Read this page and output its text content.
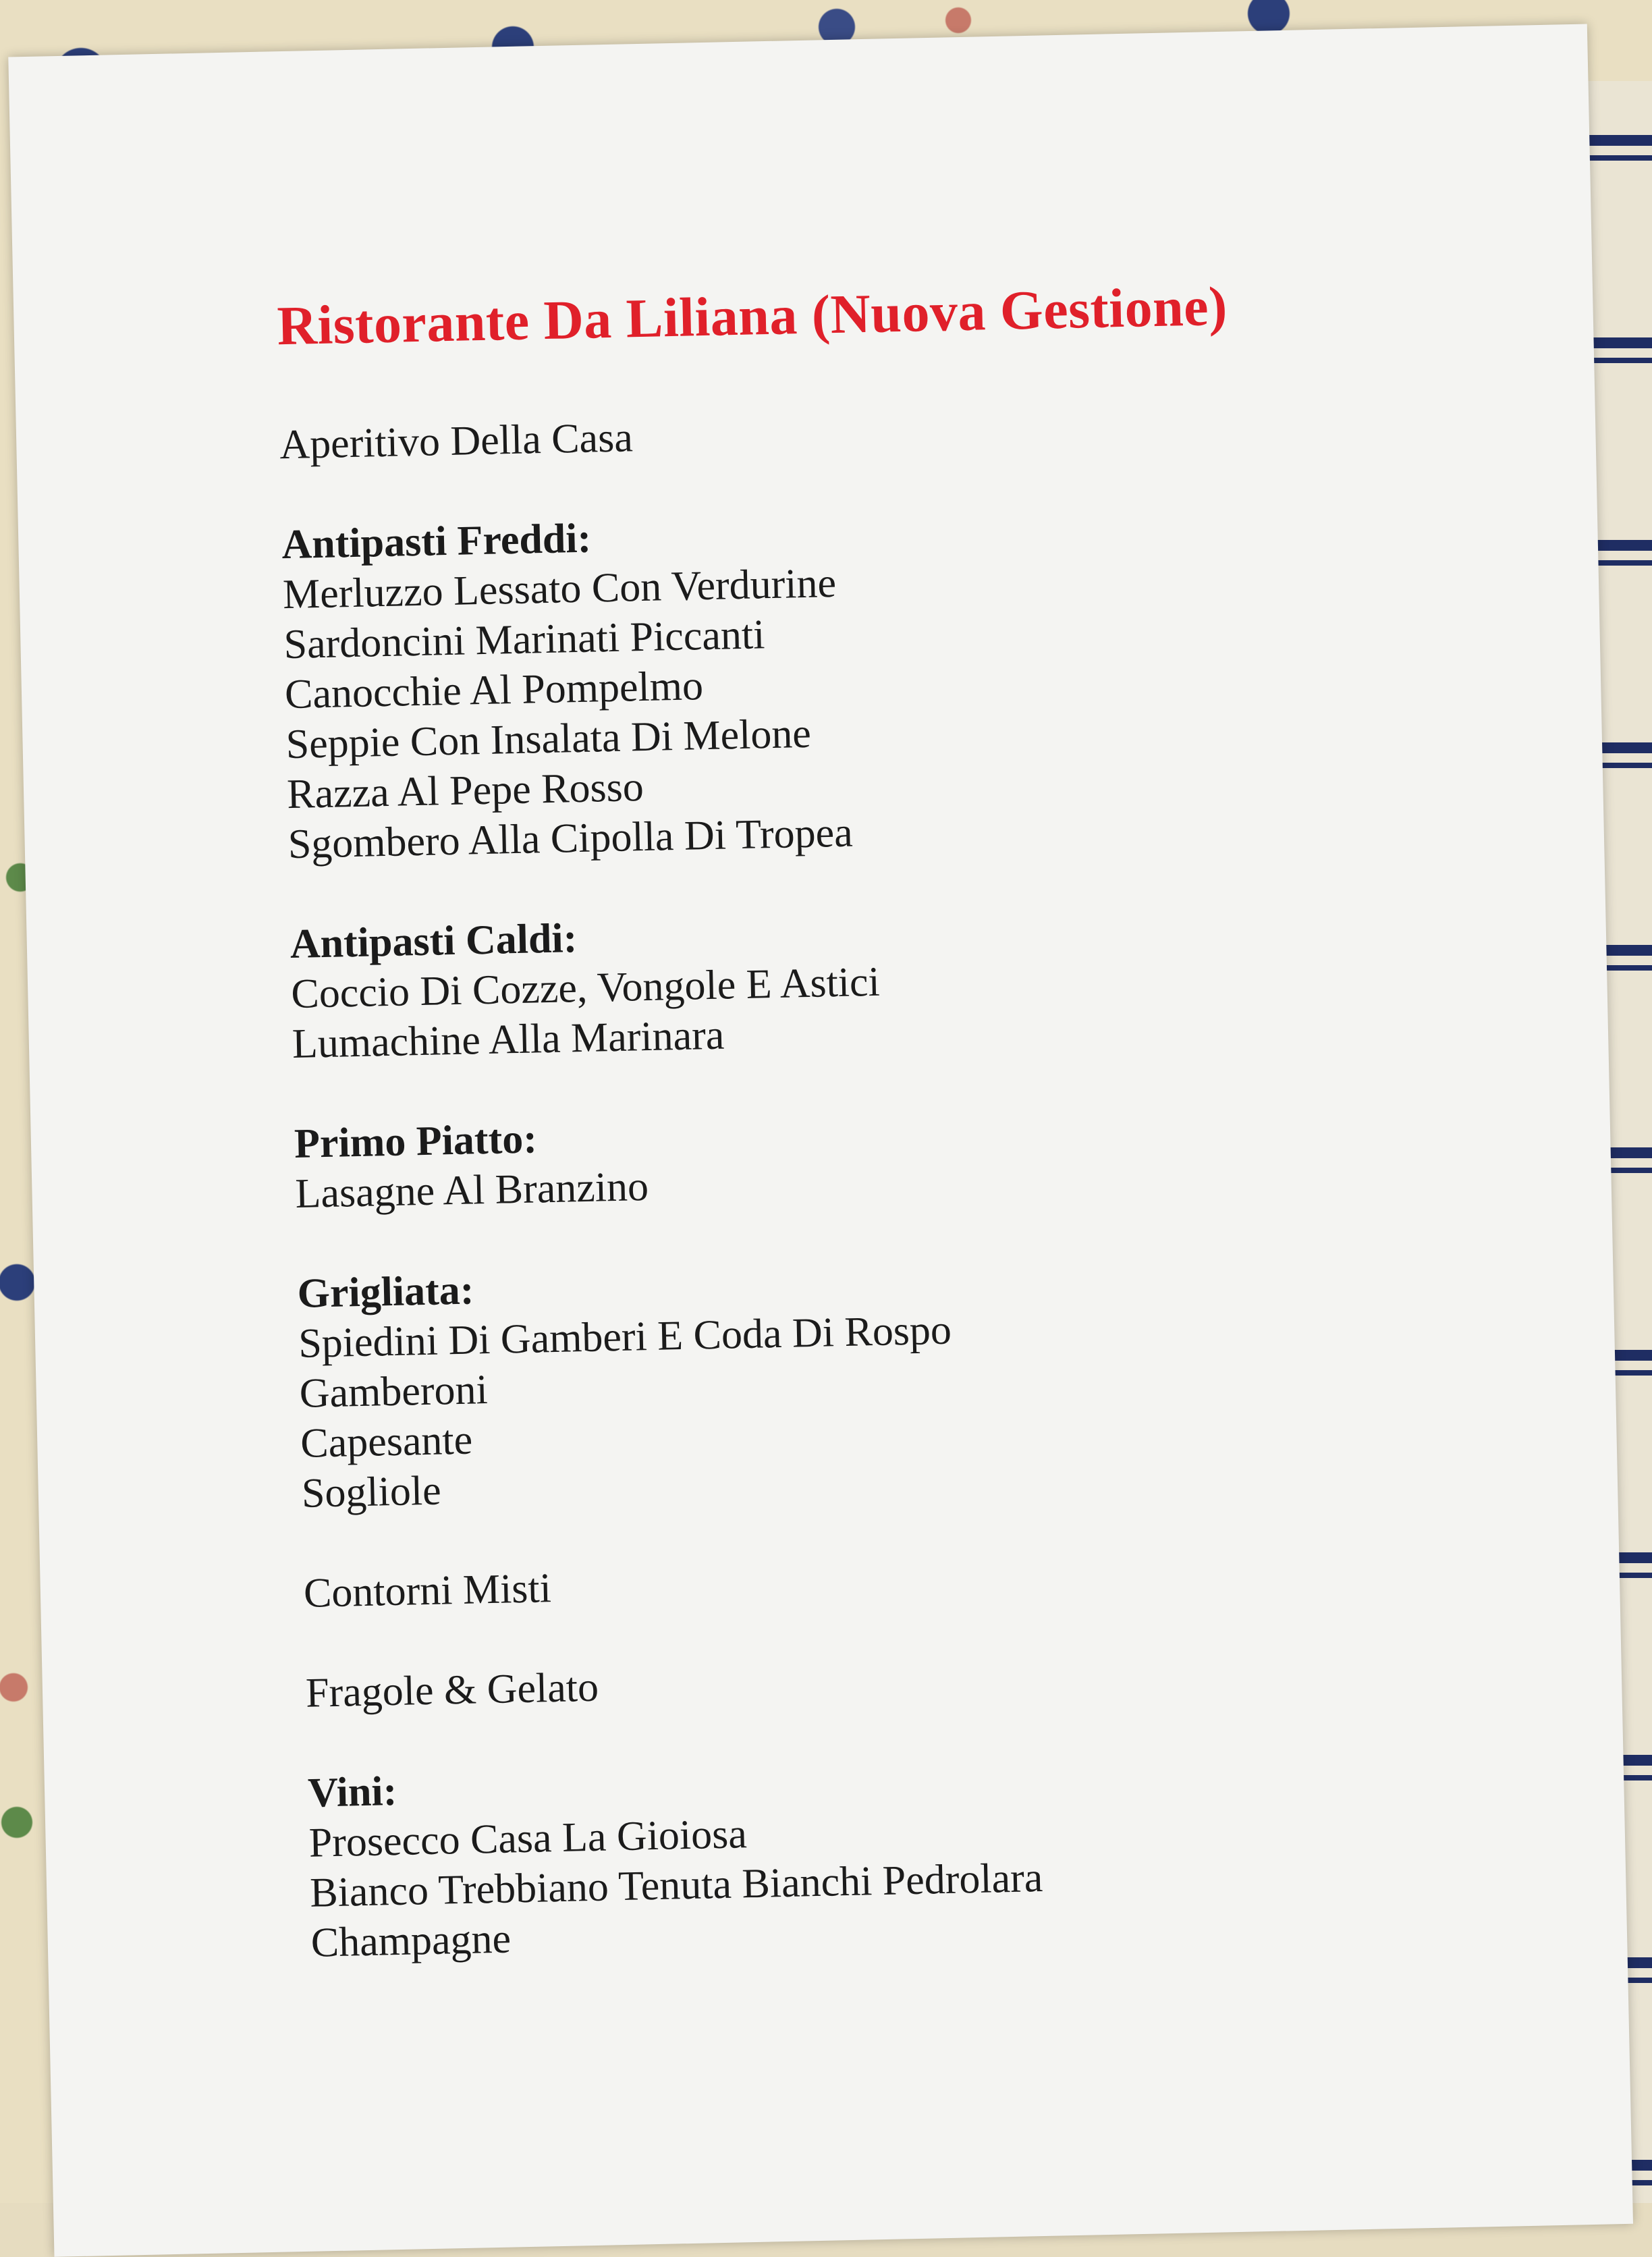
Ristorante Da Liliana (Nuova Gestione)
Aperitivo Della Casa
Antipasti Freddi:
Merluzzo Lessato Con Verdurine
Sardoncini Marinati Piccanti
Canocchie Al Pompelmo
Seppie Con Insalata Di Melone
Razza Al Pepe Rosso
Sgombero Alla Cipolla Di Tropea
Antipasti Caldi:
Coccio Di Cozze, Vongole E Astici
Lumachine Alla Marinara
Primo Piatto:
Lasagne Al Branzino
Grigliata:
Spiedini Di Gamberi E Coda Di Rospo
Gamberoni
Capesante
Sogliole
Contorni Misti
Fragole & Gelato
Vini:
Prosecco Casa La Gioiosa
Bianco Trebbiano Tenuta Bianchi Pedrolara
Champagne
